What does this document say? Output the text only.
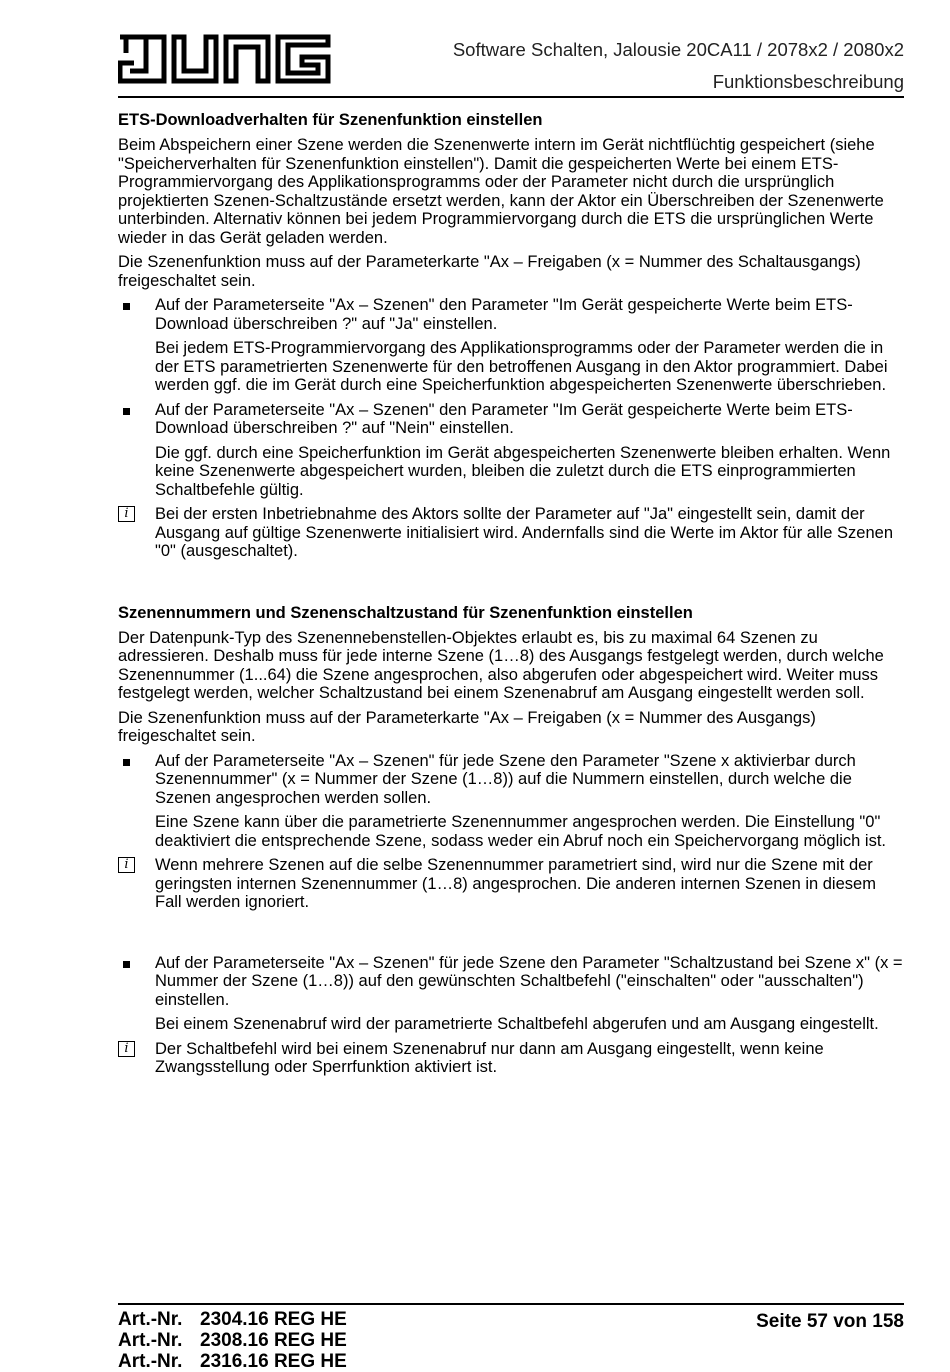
Software Schalten, Jalousie 20CA11 / 2078x2 / 2080x2
Funktionsbeschreibung
ETS-Downloadverhalten für Szenenfunktion einstellen

Beim Abspeichern einer Szene werden die Szenenwerte intern im Gerät nichtflüchtig gespeichert (siehe "Speicherverhalten für Szenenfunktion einstellen"). Damit die gespeicherten Werte bei einem ETS-Programmiervorgang des Applikationsprogramms oder der Parameter nicht durch die ursprünglich projektierten Szenen-Schaltzustände ersetzt werden, kann der Aktor ein Überschreiben der Szenenwerte unterbinden. Alternativ können bei jedem Programmiervorgang durch die ETS die ursprünglichen Werte wieder in das Gerät geladen werden.

Die Szenenfunktion muss auf der Parameterkarte "Ax – Freigaben (x = Nummer des Schaltausgangs) freigeschaltet sein.

Auf der Parameterseite "Ax – Szenen" den Parameter "Im Gerät gespeicherte Werte beim ETS-Download überschreiben ?" auf "Ja" einstellen.
Bei jedem ETS-Programmiervorgang des Applikationsprogramms oder der Parameter werden die in der ETS parametrierten Szenenwerte für den betroffenen Ausgang in den Aktor programmiert. Dabei werden ggf. die im Gerät durch eine Speicherfunktion abgespeicherten Szenenwerte überschrieben.
Auf der Parameterseite "Ax – Szenen" den Parameter "Im Gerät gespeicherte Werte beim ETS-Download überschreiben ?" auf "Nein" einstellen.
Die ggf. durch eine Speicherfunktion im Gerät abgespeicherten Szenenwerte bleiben erhalten. Wenn keine Szenenwerte abgespeichert wurden, bleiben die zuletzt durch die ETS einprogrammierten Schaltbefehle gültig.
i	Bei der ersten Inbetriebnahme des Aktors sollte der Parameter auf "Ja" eingestellt sein, damit der Ausgang auf gültige Szenenwerte initialisiert wird. Andernfalls sind die Werte im Aktor für alle Szenen "0" (ausgeschaltet).
Szenennummern und Szenenschaltzustand für Szenenfunktion einstellen

Der Datenpunk-Typ des Szenennebenstellen-Objektes erlaubt es, bis zu maximal 64 Szenen zu adressieren. Deshalb muss für jede interne Szene (1…8) des Ausgangs festgelegt werden, durch welche Szenennummer (1...64) die Szene angesprochen, also abgerufen oder abgespeichert wird. Weiter muss festgelegt werden, welcher Schaltzustand bei einem Szenenabruf am Ausgang eingestellt werden soll.

Die Szenenfunktion muss auf der Parameterkarte "Ax – Freigaben (x = Nummer des Ausgangs) freigeschaltet sein.

Auf der Parameterseite "Ax – Szenen" für jede Szene den Parameter "Szene x aktivierbar durch Szenennummer" (x = Nummer der Szene (1…8)) auf die Nummern einstellen, durch welche die Szenen angesprochen werden sollen.
Eine Szene kann über die parametrierte Szenennummer angesprochen werden. Die Einstellung "0" deaktiviert die entsprechende Szene, sodass weder ein Abruf noch ein Speichervorgang möglich ist.
i	Wenn mehrere Szenen auf die selbe Szenennummer parametriert sind, wird nur die Szene mit der geringsten internen Szenennummer (1…8) angesprochen. Die anderen internen Szenen in diesem Fall werden ignoriert.
Auf der Parameterseite "Ax – Szenen" für jede Szene den Parameter "Schaltzustand bei Szene x" (x = Nummer der Szene (1…8)) auf den gewünschten Schaltbefehl ("einschalten" oder "ausschalten") einstellen.
Bei einem Szenenabruf wird der parametrierte Schaltbefehl abgerufen und am Ausgang eingestellt.
i	Der Schaltbefehl wird bei einem Szenenabruf nur dann am Ausgang eingestellt, wenn keine Zwangsstellung oder Sperrfunktion aktiviert ist.
Art.-Nr. 2304.16 REG HE
Art.-Nr. 2308.16 REG HE
Art.-Nr. 2316.16 REG HE
Seite 57 von 158
